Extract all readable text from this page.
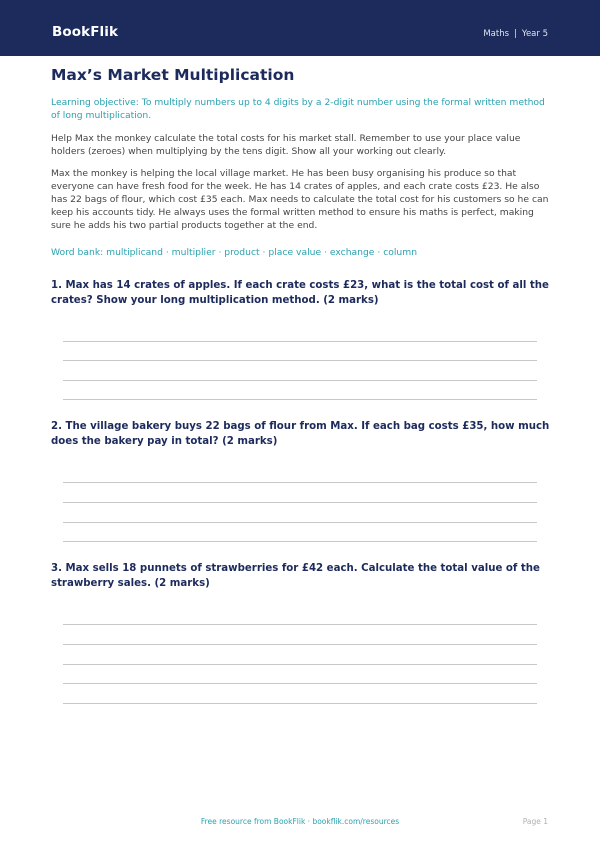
BookFlik	Maths | Year 5
Max’s Market Multiplication

Learning objective: To multiply numbers up to 4 digits by a 2-digit number using the formal written method of long multiplication.

Help Max the monkey calculate the total costs for his market stall. Remember to use your place value holders (zeroes) when multiplying by the tens digit. Show all your working out clearly.

Max the monkey is helping the local village market. He has been busy organising his produce so that everyone can have fresh food for the week. He has 14 crates of apples, and each crate costs £23. He also has 22 bags of flour, which cost £35 each. Max needs to calculate the total cost for his customers so he can keep his accounts tidy. He always uses the formal written method to ensure his maths is perfect, making sure he adds his two partial products together at the end.

Word bank: multiplicand · multiplier · product · place value · exchange · column

1. Max has 14 crates of apples. If each crate costs £23, what is the total cost of all the crates? Show your long multiplication method. (2 marks)

2. The village bakery buys 22 bags of flour from Max. If each bag costs £35, how much does the bakery pay in total? (2 marks)

3. Max sells 18 punnets of strawberries for £42 each. Calculate the total value of the strawberry sales. (2 marks)

Free resource from BookFlik · bookflik.com/resources	Page 1
